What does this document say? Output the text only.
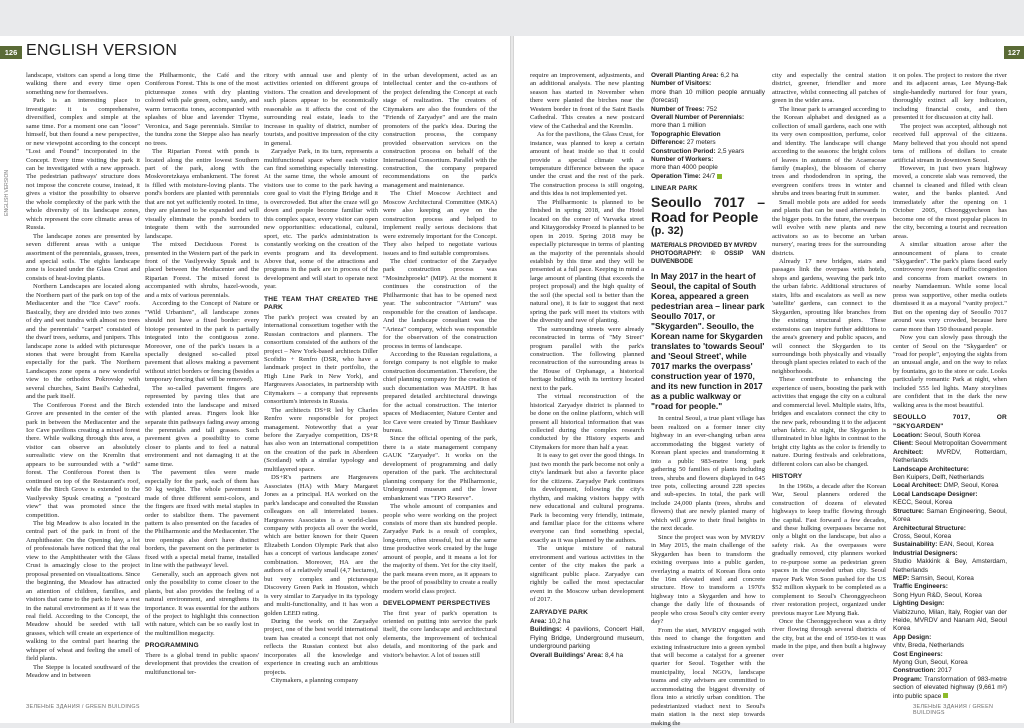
126	127
ENGLISH VERSION
ENGLISH VERSION

landscape, visitors can spend a long time walking there and every time open something new for themselves.

Park is an interesting place to investigate: it is comprehensive, diversified, complex and simple at the same time. For a moment one can "loose" himself, but then found a new perspective, or new viewpoint according to the concept "Lost and Found" incorporated in the Concept. Every time visiting the park it can be investigated with a new approach. The pedestrian pathways' structure does not impose the concrete course, instead, it gives a visitor the possibility to observe the whole complexity of the park with the whole diversity of its landscape zones, which represent the core climatic areas of Russia.

The landscape zones are presented by seven different areas with a unique assortment of the perennials, grasses, trees, and special soils. The eights landscape zone is located under the Glass Crust and consists of heat-loving plants.

Northern Landscapes are located along the Northern part of the park on top of the Mediacenter and the "Ice Cave" roofs. Basically, they are divided into two zones of dry and wet tundra with almost no trees and the perennials' "carpet" consisted of the dwarf trees, sedums, and junipers. This landscape zone is added with picturesque stones that were brought from Karelia especially for the park. The Northern Landscapes zone opens a new wonderful view to the orthodox Pokrovsky with several churches, Saint Basil's Cathedral, and the park itself.

The Coniferous Forest and the Birch Grove are presented in the center of the park in between the Mediacenter and the Ice Cave pavilions creating a mixed forest there. While walking through this area, a visitor can observe an absolutely surrealistic view on the Kremlin that appears to be surrounded with a "wild" forest. The Coniferous Forest then is continued on top of the Restaurant's roof, while the Birch Grove is extended to the Vasilyevsky Spusk creating a "postcard view" that was promoted since the competition.

The big Meadow is also located in the central part of the park in front of the Amphitheater. On the Opening day, a lot of professionals have noticed that the real view to the Amphitheater with the Glass Crust is amazingly close to the project proposal presented on visualizations. Since the beginning, the Meadow has attracted an attention of children, families, and visitors that came to the park to have a rest in the natural environment as if it was the real field. According to the Concept, the Meadow should be seeded with tall grasses, which will create an experience of walking to the central part hearing the whisper of wheat and feeling the smell of field plants.

The Steppe is located southward of the Meadow and in between

the Philharmonic, the Café and the Coniferous Forest. This is one of the most picturesque zones with dry planting colored with pale green, ochre, sandy, and warm terracotta tones, accompanied with splashes of blue and lavender Thyme, Veronica, and Sage perennials. Similar to the tundra zone the Steppe also has nearly no trees.

The Riparian Forest with ponds is located along the entire lowest Southern part of the park, along with the Moskvoretzkaya embankment. The forest is filled with moisture-loving plants. The pond's borders are planted with perennials that are not yet sufficiently rooted. In time, they are planned to be expanded and will visually eliminate the pond's borders to integrate them with the surrounded landscape.

The mixed Deciduous Forest is presented in the Western part of the park in front of the Vasilyevsky Spusk and is placed between the Mediacenter and the Riparian Forest. The mixed forest is accompanied with shrubs, hazel-woods, and a mix of various perennials.

According to the Concept of Nature or "Wild Urbanism", all landscape zones should not have a fixed border: every biotope presented in the park is partially integrated into the contiguous zone. Moreover, one of the park's issues is a specially designed so-called pixel pavement that allows making a pavement without strict borders or fencing (besides a temporary fencing that will be removed).

The so-called pavement fingers are represented by paving tiles that are extended into the landscape and mixed with planted areas. Fingers look like separate thin pathways fading away among the perennials and tall grasses. Such pavement gives a possibility to come closer to plants and to feel a natural environment and not damaging it at the same time.

The pavement tiles were made especially for the park, each of them has 50 kg weight. The whole pavement is made of three different semi-colors, and the fingers are fixed with metal staples in order to stabilize them. The pavement pattern is also presented on the facades of the Philharmonic and the Mediacenter. The tree openings also don't have distinct borders, the pavement on the perimeter is fixed with a special metal frame, installed in line with the pathways' level.

Generally, such an approach gives not only the possibility to come closer to the plants, but also provides the feeling of a natural environment, and strengthens its importance. It was essential for the authors of the project to highlight this connection with nature, which can be so easily lost in the multimillion megacity.

PROGRAMMING

There is a global trend in public spaces' development that provides the creation of multifunctional ter-

ritory with annual use and plenty of activities oriented on different groups of visitors. The creation and development of such places appear to be economically reasonable as it affects the cost of the surrounding real estate, leads to the increase in quality of district, number of tourists, and positive impression of the city in general.

Zaryadye Park, in its turn, represents a multifunctional space where each visitor can find something especially interesting. At the same time, the whole amount of visitors use to come to the park having a core goal to visit the Flying Bridge and it is overcrowded. But after the craze will go down and people become familiar with this complex space, every visitor can open new opportunities: educational, cultural, sport, etc. The park's administration is constantly working on the creation of the events program and its development. Above that, some of the attractions and programs in the park are in process of the development and will start to operate next year.

THE TEAM THAT CREATED THE PARK

The park's project was created by an international consortium together with the Russian contractors and planners. The consortium consisted of the authors of the project – New York-based architects Diller Scofidio + Renfro (DSR, who have a landmark project in their portfolio, the High Line Park in New York), and Hargreaves Associates, in partnership with Citymakers – a company that represents consortium's interests in Russia.

The architects DS+R led by Charles Renfro were responsible for project management. Noteworthy that a year before the Zaryadye competition, DS+R has also won an international competition on the creation of the park in Aberdeen (Scotland) with a similar typology and multilayered space.

DS+R's partners are Hargreaves Associates (HA) with Mary Margaret Jones as a principal. HA worked on the park's landscape and consulted the Russian colleagues on all interrelated issues. Hargreaves Associates is a world-class company with projects all over the world, which are better known for their Queen Elizabeth London Olympic Park that also has a concept of various landscape zones' combination. Moreover, HA are the authors of a relatively small (4,7 hectares), but very complex and picturesque Discovery Green Park in Houston, which is very similar to Zaryadye in its typology and multi-functionality, and it has won a golden LEED rating.

During the work on the Zaryadye project, one of the best world international team has created a concept that not only reflects the Russian context but also incorporates all the knowledge and experience in creating such an ambitious projects.

Citymakers, a planning company

in the urban development, acted as an intellectual center and the co-authors of the project defending the Concept at each stage of realization. The creators of Citymakers are also the founders of the "Friends of Zaryadye" and are the main promoters of the park's idea. During the construction process, the company provided observation services on the construction process on behalf of the International Consortium. Parallel with the construction, the company prepared recommendations on the park's management and maintenance.

The Chief Moscow Architect and Moscow Architectural Committee (MKA) were also keeping an eye on the construction process and helped to implement really serious decisions that were extremely important for the Concept. They also helped to negotiate various issues and to find suitable compromises.

The chief contractor of the Zaryadye park construction process was "Mosinzhproekt" (MIP). At the moment it continues the construction of the Philharmonic that has to be opened next year. The subcontractor "Atrium" was responsible for the creation of landscape. And the landscape consultant was the "Arteza" company, which was responsible for the observation of the construction process in terms of landscape.

According to the Russian regulations, a foreign company is not eligible to make construction documentation. Therefore, the chief planning company for the creation of such documentation was MAHPI. It has prepared detailed architectural drawings for the actual construction. The interior spaces of Mediacenter, Nature Center and Ice Cave were created by Timur Bashkaev bureau.

Since the official opening of the park, there is a state management company GAUK "Zaryadye". It works on the development of programming and daily operation of the park. The architectural planning company for the Philharmonic, Underground museum and the lower embankment was "TPO Reserve".

The whole amount of companies and people who were working on the project consists of more than six hundred people. Zaryadye Park is a result of complex, long-term, often stressful, but at the same time productive work created by the huge amount of people, and it means a lot for the majority of them. Yet for the city itself, the park means even more, as it appears to be the proof of possibility to create a really modern world class project.

DEVELOPMENT PERSPECTIVES

The first year of park's operation is oriented on putting into service the park itself, the core landscape and architectural elements, the improvement of technical details, and monitoring of the park and visitor's behavior. A lot of issues still

require an improvement, adjustments, and an additional analysis. The new planting season has started in November when there were planted the birches near the Western border in front of the Saint Basils Cathedral. This creates a new postcard view of the Cathedral and the Kremlin.

As for the pavilions, the Glass Crust, for instance, was planned to keep a certain amount of heat inside so that it could provide a special climate with a temperature difference between the space under the crust and the rest of the park. The construction process is still ongoing, and this idea is not implemented yet.

The Philharmonic is planned to be finished in spring 2018, and the Hotel located on the corner of Varvarka street and Kitaygorodsky Proezd is planned to be open in 2019. Spring 2018 may be especially picturesque in terms of planting as the majority of the perennials should establish by this time and they will be presented at a full pace. Keeping in mind a large amount of planting (that exceeds the project proposal) and the high quality of the soil (the special soil is better than the natural one), it is fair to suggest that next spring the park will meet its visitors with the diversity and rave of planting.

The surrounding streets were already reconstructed in terms of "My Street" program parallel with the park's construction. The following planned reconstruction of the surrounding areas is the House of Orphanage, a historical heritage building with its territory located next to the park.

The virtual reconstruction of the historical Zaryadye district is planned to be done on the online platform, which will present all historical information that was collected during the complex research conducted by the History experts and Citymakers for more than half a year.

It is easy to get over the good things. In just two month the park become not only a city's landmark but also a favorite place for the citizens. Zaryadye Park continues its development, following the city's rhythm, and making visitors happy with new educational and cultural programs. Park is becoming very friendly, intimate, and familiar place for the citizens where everyone can find something special, exactly as it was planned by the authors.

The unique mixture of natural environment and various activities in the center of the city makes the park a significant public place. Zaryadye can rightly be called the most spectacular event in the Moscow urban development of 2017.

ZARYADYE PARK

Area: 10,2 ha

Buildings: 4 pavilions, Concert Hall, Flying Bridge, Underground museum, underground parking

Overall Buildings' Area: 8,4 ha

Overall Planting Area: 6,2 ha

Number of Visitors:

more than 10 million people annually (forecast)

Number of Trees: 752

Overall Number of Perennials:

more than 1 million

Topographic Elevation

Difference: 27 meters

Construction Period: 2,5 years

Number of Workers:

more than 4000 people

Operation Time: 24/7

LINEAR PARK
Seoullo 7017 – Road for People
(p. 32)
MATERIALS PROVIDED BY MVRDV
PHOTOGRAPHY: © OSSIP VAN DUIVENBODE
In May 2017 in the heart of Seoul, the capital of South Korea, appeared a green pedestrian area – linear park Seoullo 7017, or "Skygarden". Seoullo, the Korean name for Skygarden translates to 'towards Seoul' and 'Seoul Street', while 7017 marks the overpass' construction year of 1970, and its new function in 2017 as a public walkway or "road for people."

In central Seoul, a true plant village has been realized on a former inner city highway in an ever-changing urban area accommodating the biggest variety of Korean plant species and transforming it into a public 983-metre long park gathering 50 families of plants including trees, shrubs and flowers displayed in 645 tree pots, collecting around 228 species and sub-species. In total, the park will include 24,000 plants (trees, shrubs and flowers) that are newly planted many of which will grow to their final heights in the next decade.

Since the project was won by MVRDV in May 2015, the main challenge of the Skygarden has been to transform the existing overpass into a public garden, overlaying a matrix of Korean flora onto the 16m elevated steel and concrete structure. How to transform a 1970's highway into a Skygarden and how to change the daily life of thousands of people who cross Seoul's city center every day?

From the start, MVRDV engaged with this need to change the forgotten and existing infrastructure into a green symbol that will become a catalyst for a greener quarter for Seoul. Together with the municipality, local NGO's, landscape teams and city advisers are committed to accommodating the biggest diversity of flora into a strictly urban condition. The pedestrianized viaduct next to Seoul's main station is the next step towards making the

city and especially the central station district, greener, friendlier and more attractive, whilst connecting all patches of green in the wider area.

The linear park is arranged according to the Korean alphabet and designed as a collection of small gardens, each one with its very own composition, perfume, color and identity. The landscape will change according to the seasons: the bright colors of leaves in autumn of the Acaeraceae family (maples), the blossom of cherry trees and rhododendron in spring, the evergreen conifers trees in winter and shrubs and trees bearing fruit in summer.

Small mobile pots are added for seeds and plants that can be used afterwards in the bigger pots. In the future, the overpass will evolve with new plants and new activators so as to become an 'urban nursery', rearing trees for the surrounding districts.

Already 17 new bridges, stairs and passages link the overpass with hotels, shops and gardens, weaving the park into the urban fabric. Additional structures of stairs, lifts and escalators as well as new 'satellite' gardens, can connect to the Skygarden, sprouting like branches from the existing structural piers. These extensions can inspire further additions to the area's greenery and public spaces, and will connect the Skygarden to its surroundings both physically and visually through plant species related to each of the neighborhoods.

These contribute to enhancing the experience of users, boosting the park with activities that engage the city on a cultural and commercial level. Multiple stairs, lifts, bridges and escalators connect the city to the new park, rebounding it to the adjacent urban fabric. At night, the Skygarden is illuminated in blue lights in contrast to the bright city lights as the color is friendly to nature. During festivals and celebrations, different colors can also be changed.

HISTORY

In the 1960s, a decade after the Korean War, Seoul planners ordered the construction of dozens of elevated highways to keep traffic flowing through the capital. Fast forward a few decades, and these hulking overpasses became not only a blight on the landscape, but also a safety risk. As the overpasses were gradually removed, city planners worked to re-purpose some as pedestrian green spaces in the crowded urban city. Seoul mayor Park Won Soon pushed for the US $52 million skypark to be completed as a complement to Seoul's Cheonggyecheon river restoration project, organized under previous mayor Lee Myung Bak.

Once the Cheonggyecheon was a dirty river flowing through several districts of the city, but at the end of 1950-ies it was made in the pipe, and then built a highway over

it on poles. The project to restore the river and its adjacent areas, Lee Myung-Bak single-handedly nurtured for four years, thoroughly extinct all key indicators, including financial costs, and then presented it for discussion at city hall.

The project was accepted, although not received full approval of the citizens. Many believed that you should not spend tens of millions of dollars to create artificial stream in downtown Seoul.

However, in just two years highway moved, a concrete slab was removed, the channel is cleaned and filled with clean water, and the banks planted. And immediately after the opening on 1 October 2005, Cheonggyecheon has become one of the most popular places in the city, becoming a tourist and recreation areas.

A similar situation arose after the announcement of plans to create "Skygarden". The park's plans faced early controversy over fears of traffic congestion and concerns from market owners in nearby Namdaemun. While some local press was supportive, other media outlets dismissed it as a mayoral "vanity project." But on the opening day of Seoullo 7017 around was very crowded, because here came more than 150 thousand people.

Now you can slowly pass through the center of Seoul on the "Skygarden" or "road for people", enjoying the sights from an unusual angle, and on the way to relax by fountains, go to the store or cafe. Looks particularly romantic Park at night, when included 555 led lights. Many storylines are confident that in the dark the new walking area is the most beautiful.

SEOULLO 7017, OR "SKYGARDEN"

Location: Seoul, South Korea

Client: Seoul Metropolitan Government

Architect: MVRDV, Rotterdam, Netherlands

Landscape Architecture:

Ben Kuipers, Delft, Netherlands

Local Architect: DMP, Seoul, Korea

Local Landscape Designer:

KECC, Seoul, Korea

Structure: Saman Engineering, Seoul, Korea

Architectural Structure:

Cross, Seoul, Korea

Sustainability: EAN, Seoul, Korea

Industrial Designers:

Studio Makkink & Bey, Amsterdam, Netherlands

MEP: Samsin, Seoul, Korea

Traffic Engineers:

Song Hyun R&D, Seoul, Korea

Lighting Design:

Viabizzuno, Milan, Italy, Rogier van der Heide, MVRDV and Nanam Ald, Seoul Korea

App Design:

vhtv, Breda, Netherlands

Cost Engineers:

Myong Gun, Seoul, Korea

Construction: 2017

Program: Transformation of 983-metre section of elevated highway (9,661 m²) into public space

ЗЕЛЕНЫЕ ЗДАНИЯ / GREEN BUILDINGS	ЗЕЛЕНЫЕ ЗДАНИЯ / GREEN BUILDINGS
